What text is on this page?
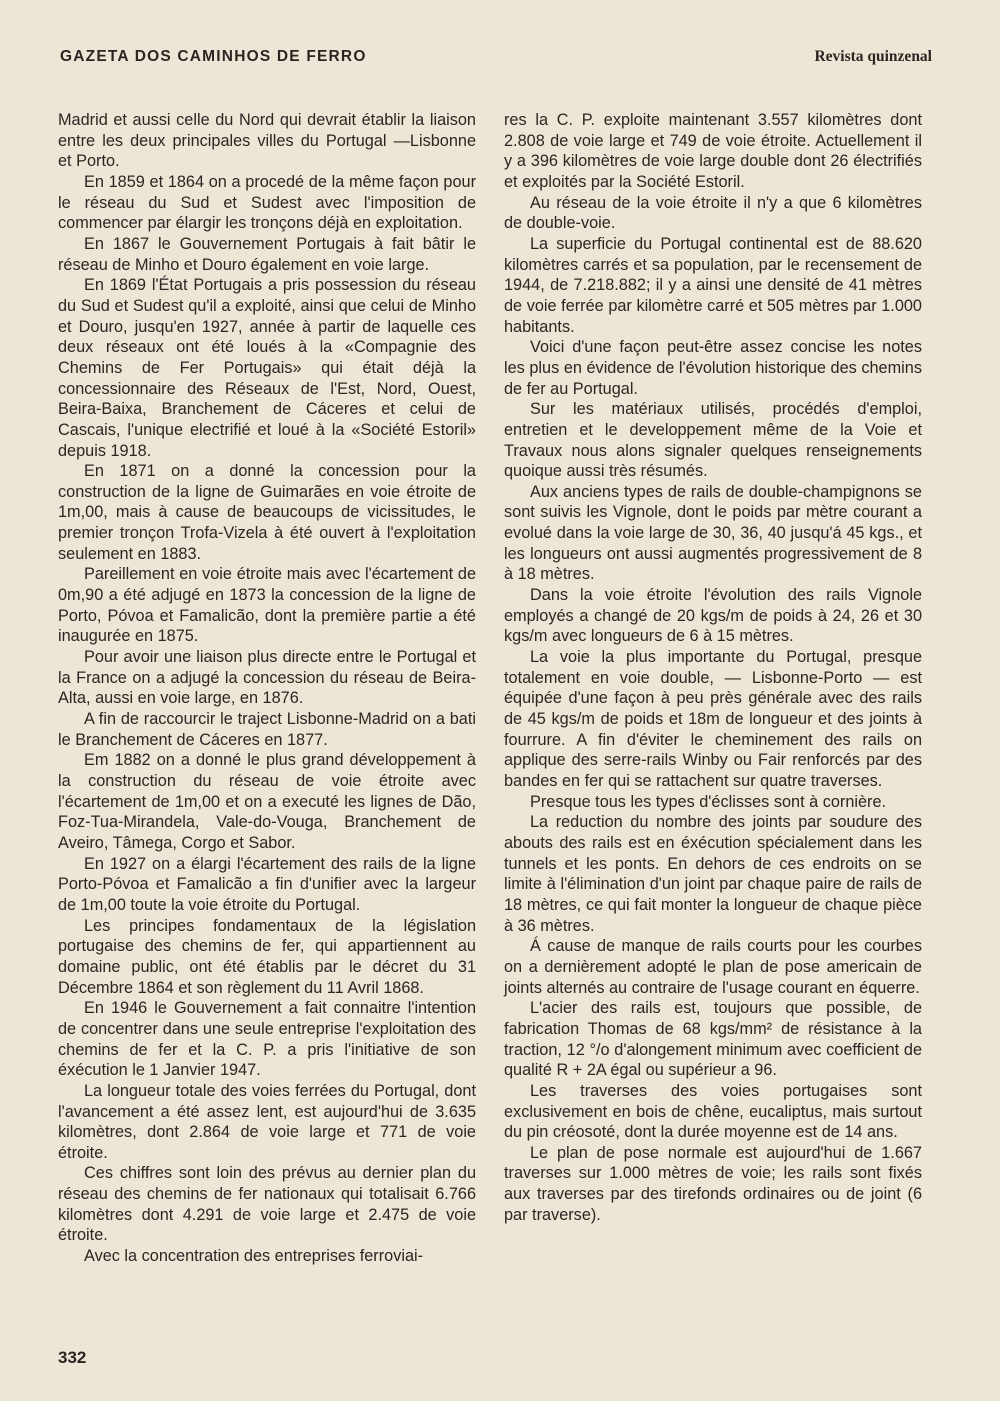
GAZETA DOS CAMINHOS DE FERRO	Revista quinzenal

Madrid et aussi celle du Nord qui devrait établir la liaison entre les deux principales villes du Portugal —Lisbonne et Porto.

En 1859 et 1864 on a procedé de la même façon pour le réseau du Sud et Sudest avec l'imposition de commencer par élargir les tronçons déjà en exploitation.

En 1867 le Gouvernement Portugais à fait bâtir le réseau de Minho et Douro également en voie large.

En 1869 l'État Portugais a pris possession du réseau du Sud et Sudest qu'il a exploité, ainsi que celui de Minho et Douro, jusqu'en 1927, année à partir de laquelle ces deux réseaux ont été loués à la «Compagnie des Chemins de Fer Portugais» qui était déjà la concessionnaire des Réseaux de l'Est, Nord, Ouest, Beira-Baixa, Branchement de Cáceres et celui de Cascais, l'unique electrifié et loué à la «Société Estoril» depuis 1918.

En 1871 on a donné la concession pour la construction de la ligne de Guimarães en voie étroite de 1m,00, mais à cause de beaucoups de vicissitudes, le premier tronçon Trofa-Vizela à été ouvert à l'exploitation seulement en 1883.

Pareillement en voie étroite mais avec l'écartement de 0m,90 a été adjugé en 1873 la concession de la ligne de Porto, Póvoa et Famalicão, dont la première partie a été inaugurée en 1875.

Pour avoir une liaison plus directe entre le Portugal et la France on a adjugé la concession du réseau de Beira-Alta, aussi en voie large, en 1876.

A fin de raccourcir le traject Lisbonne-Madrid on a bati le Branchement de Cáceres en 1877.

Em 1882 on a donné le plus grand développement à la construction du réseau de voie étroite avec l'écartement de 1m,00 et on a executé les lignes de Dão, Foz-Tua-Mirandela, Vale-do-Vouga, Branchement de Aveiro, Tâmega, Corgo et Sabor.

En 1927 on a élargi l'écartement des rails de la ligne Porto-Póvoa et Famalicão a fin d'unifier avec la largeur de 1m,00 toute la voie étroite du Portugal.

Les principes fondamentaux de la législation portugaise des chemins de fer, qui appartiennent au domaine public, ont été établis par le décret du 31 Décembre 1864 et son règlement du 11 Avril 1868.

En 1946 le Gouvernement a fait connaitre l'intention de concentrer dans une seule entreprise l'exploitation des chemins de fer et la C. P. a pris l'initiative de son éxécution le 1 Janvier 1947.

La longueur totale des voies ferrées du Portugal, dont l'avancement a été assez lent, est aujourd'hui de 3.635 kilomètres, dont 2.864 de voie large et 771 de voie étroite.

Ces chiffres sont loin des prévus au dernier plan du réseau des chemins de fer nationaux qui totalisait 6.766 kilomètres dont 4.291 de voie large et 2.475 de voie étroite.

Avec la concentration des entreprises ferroviai-

res la C. P. exploite maintenant 3.557 kilomètres dont 2.808 de voie large et 749 de voie étroite. Actuellement il y a 396 kilomètres de voie large double dont 26 électrifiés et exploités par la Société Estoril.

Au réseau de la voie étroite il n'y a que 6 kilomètres de double-voie.

La superficie du Portugal continental est de 88.620 kilomètres carrés et sa population, par le recensement de 1944, de 7.218.882; il y a ainsi une densité de 41 mètres de voie ferrée par kilomètre carré et 505 mètres par 1.000 habitants.

Voici d'une façon peut-être assez concise les notes les plus en évidence de l'évolution historique des chemins de fer au Portugal.

Sur les matériaux utilisés, procédés d'emploi, entretien et le developpement même de la Voie et Travaux nous alons signaler quelques renseignements quoique aussi très résumés.

Aux anciens types de rails de double-champignons se sont suivis les Vignole, dont le poids par mètre courant a evolué dans la voie large de 30, 36, 40 jusqu'á 45 kgs., et les longueurs ont aussi augmentés progressivement de 8 à 18 mètres.

Dans la voie étroite l'évolution des rails Vignole employés a changé de 20 kgs/m de poids à 24, 26 et 30 kgs/m avec longueurs de 6 à 15 mètres.

La voie la plus importante du Portugal, presque totalement en voie double, — Lisbonne-Porto — est équipée d'une façon à peu près générale avec des rails de 45 kgs/m de poids et 18m de longueur et des joints à fourrure. A fin d'éviter le cheminement des rails on applique des serre-rails Winby ou Fair renforcés par des bandes en fer qui se rattachent sur quatre traverses.

Presque tous les types d'éclisses sont à cornière.

La reduction du nombre des joints par soudure des abouts des rails est en éxécution spécialement dans les tunnels et les ponts. En dehors de ces endroits on se limite à l'élimination d'un joint par chaque paire de rails de 18 mètres, ce qui fait monter la longueur de chaque pièce à 36 mètres.

Á cause de manque de rails courts pour les courbes on a dernièrement adopté le plan de pose americain de joints alternés au contraire de l'usage courant en équerre.

L'acier des rails est, toujours que possible, de fabrication Thomas de 68 kgs/mm² de résistance à la traction, 12 °/o d'alongement minimum avec coefficient de qualité R + 2A égal ou supérieur a 96.

Les traverses des voies portugaises sont exclusivement en bois de chêne, eucaliptus, mais surtout du pin créosoté, dont la durée moyenne est de 14 ans.

Le plan de pose normale est aujourd'hui de 1.667 traverses sur 1.000 mètres de voie; les rails sont fixés aux traverses par des tirefonds ordinaires ou de joint (6 par traverse).

332
